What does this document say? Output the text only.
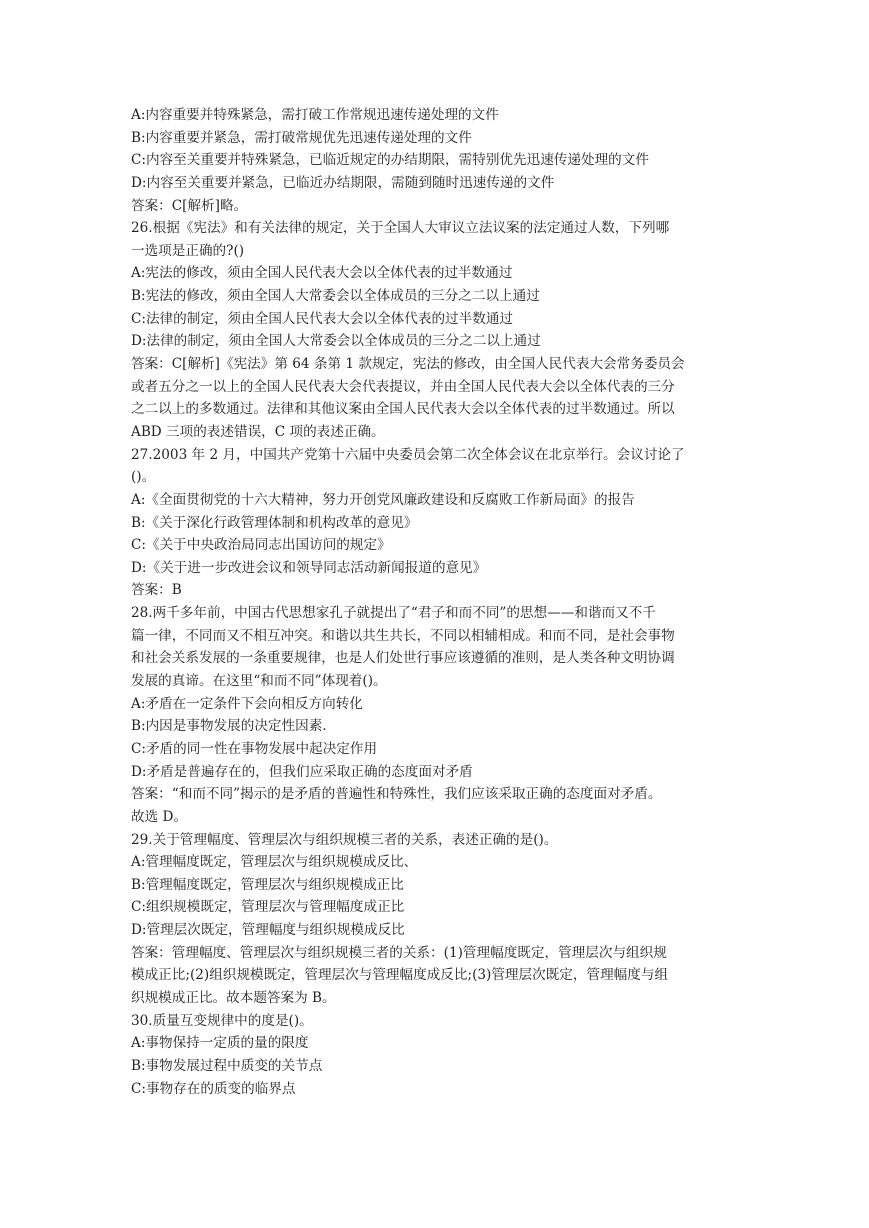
A:内容重要并特殊紧急，需打破工作常规迅速传递处理的文件
B:内容重要并紧急，需打破常规优先迅速传递处理的文件
C:内容至关重要并特殊紧急，已临近规定的办结期限，需特别优先迅速传递处理的文件
D:内容至关重要并紧急，已临近办结期限，需随到随时迅速传递的文件
答案：C[解析]略。
26.根据《宪法》和有关法律的规定，关于全国人大审议立法议案的法定通过人数，下列哪
一选项是正确的?()
A:宪法的修改，须由全国人民代表大会以全体代表的过半数通过
B:宪法的修改，须由全国人大常委会以全体成员的三分之二以上通过
C:法律的制定，须由全国人民代表大会以全体代表的过半数通过
D:法律的制定，须由全国人大常委会以全体成员的三分之二以上通过
答案：C[解析]《宪法》第 64 条第 1 款规定，宪法的修改，由全国人民代表大会常务委员会
或者五分之一以上的全国人民代表大会代表提议，并由全国人民代表大会以全体代表的三分
之二以上的多数通过。法律和其他议案由全国人民代表大会以全体代表的过半数通过。所以
ABD 三项的表述错误，C 项的表述正确。
27.2003 年 2 月，中国共产党第十六届中央委员会第二次全体会议在北京举行。会议讨论了
()。
A:《全面贯彻党的十六大精神，努力开创党风廉政建设和反腐败工作新局面》的报告
B:《关于深化行政管理体制和机构改革的意见》
C:《关于中央政治局同志出国访问的规定》
D:《关于进一步改进会议和领导同志活动新闻报道的意见》
答案：B
28.两千多年前，中国古代思想家孔子就提出了“君子和而不同”的思想——和谐而又不千
篇一律，不同而又不相互冲突。和谐以共生共长，不同以相辅相成。和而不同，是社会事物
和社会关系发展的一条重要规律，也是人们处世行事应该遵循的准则，是人类各种文明协调
发展的真谛。在这里“和而不同”体现着()。
A:矛盾在一定条件下会向相反方向转化
B:内因是事物发展的决定性因素.
C:矛盾的同一性在事物发展中起决定作用
D:矛盾是普遍存在的，但我们应采取正确的态度面对矛盾
答案：“和而不同”揭示的是矛盾的普遍性和特殊性，我们应该采取正确的态度面对矛盾。
故选 D。
29.关于管理幅度、管理层次与组织规模三者的关系，表述正确的是()。
A:管理幅度既定，管理层次与组织规模成反比、
B:管理幅度既定，管理层次与组织规模成正比
C:组织规模既定，管理层次与管理幅度成正比
D:管理层次既定，管理幅度与组织规模成反比
答案：管理幅度、管理层次与组织规模三者的关系：(1)管理幅度既定，管理层次与组织规
模成正比;(2)组织规模既定，管理层次与管理幅度成反比;(3)管理层次既定，管理幅度与组
织规模成正比。故本题答案为 B。
30.质量互变规律中的度是()。
A:事物保持一定质的量的限度
B:事物发展过程中质变的关节点
C:事物存在的质变的临界点
